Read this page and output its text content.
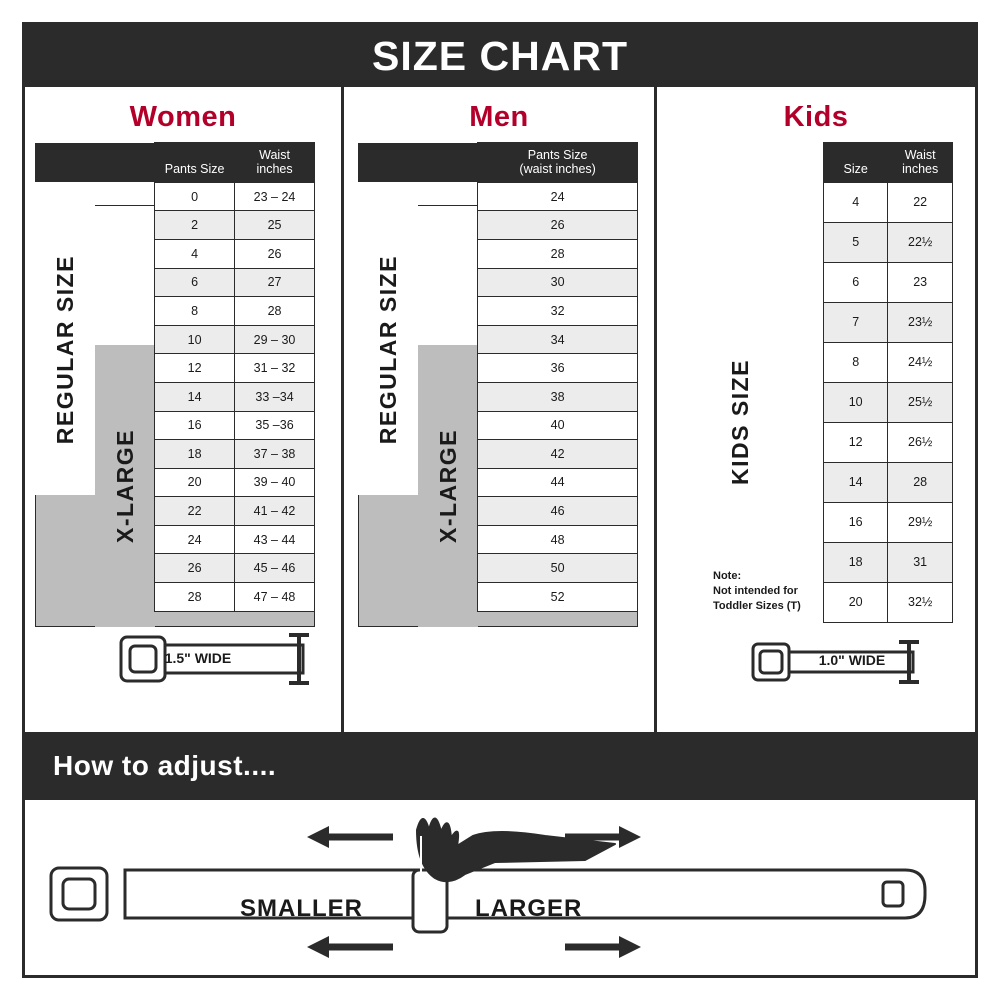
SIZE CHART
Women
REGULAR SIZE
X-LARGE
	Pants Size	Waist
inches
	0	23 – 24
	2	25
	4	26
	6	27
	8	28
	10	29 – 30
	12	31 – 32
	14	33 –34
	16	35 –36
	18	37 – 38
	20	39 – 40
	22	41 – 42
	24	43 – 44
	26	45 – 46
	28	47 – 48
1.5" WIDE
Men
REGULAR SIZE
X-LARGE
	Pants Size
(waist inches)
	24
	26
	28
	30
	32
	34
	36
	38
	40
	42
	44
	46
	48
	50
	52
Kids
KIDS SIZE
Note:
Not intended for
Toddler Sizes (T)
Size	Waist
inches
4	22
5	22½
6	23
7	23½
8	24½
10	25½
12	26½
14	28
16	29½
18	31
20	32½
1.0" WIDE
How to adjust....
SMALLER	LARGER
